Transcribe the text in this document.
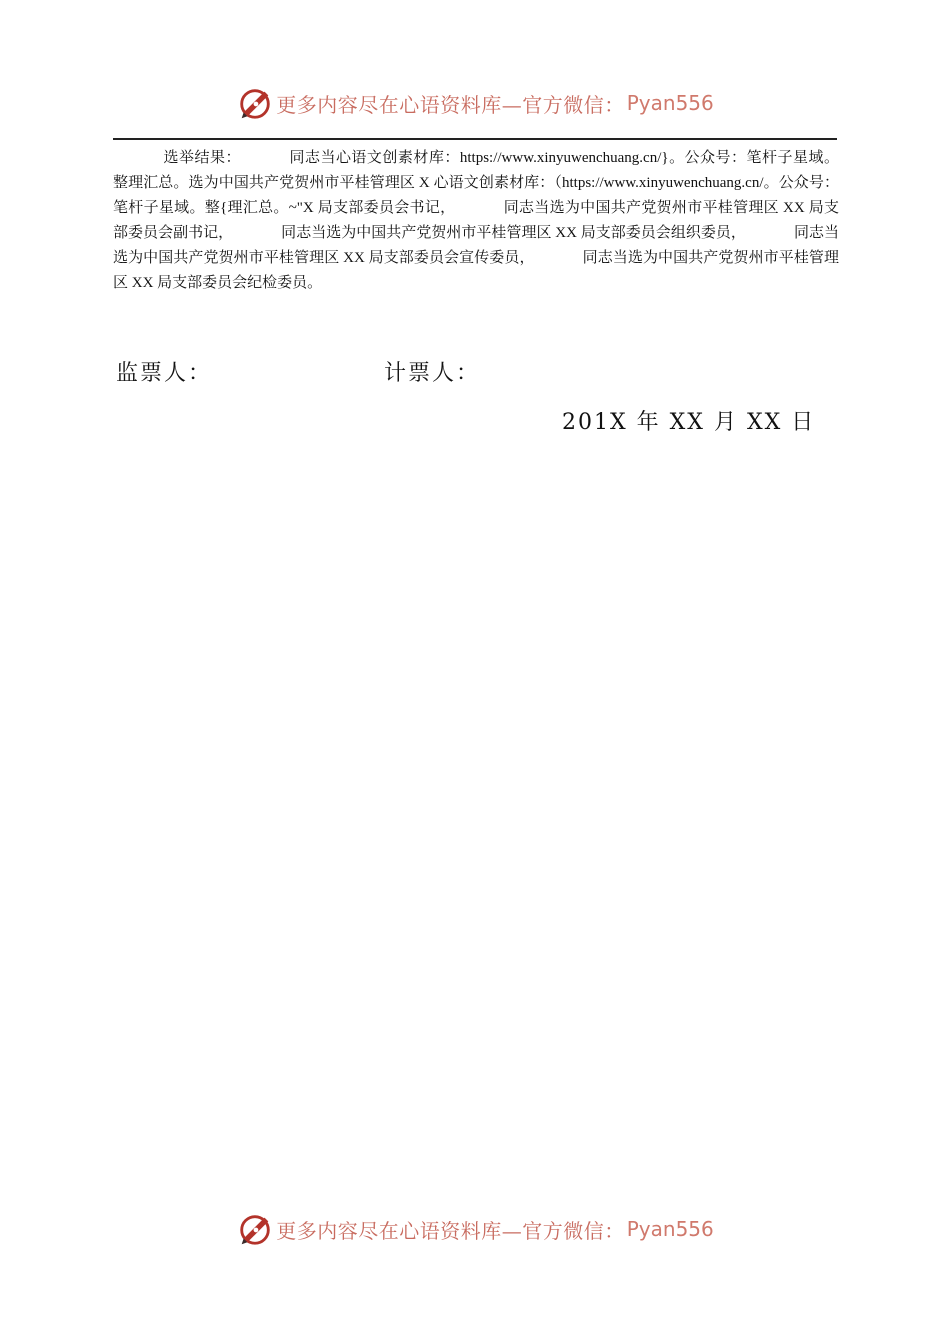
更多内容尽在心语资料库—官方微信： Pyan556
选举结果：	同志当心语文创素材库：https://www.xinyuwenchuang.cn/}。公众号：笔杆子星域。整理汇总。选为中国共产党贺州市平桂管理区 X 心语文创素材库：（https://www.xinyuwenchuang.cn/。公众号：笔杆子星域。整{理汇总。~"X 局支部委员会书记，	同志当选为中国共产党贺州市平桂管理区 XX 局支部委员会副书记，	同志当选为中国共产党贺州市平桂管理区 XX 局支部委员会组织委员，	同志当选为中国共产党贺州市平桂管理区 XX 局支部委员会宣传委员，	同志当选为中国共产党贺州市平桂管理区 XX 局支部委员会纪检委员。
监票人：	计票人：
201X 年 XX 月 XX 日
更多内容尽在心语资料库—官方微信： Pyan556
